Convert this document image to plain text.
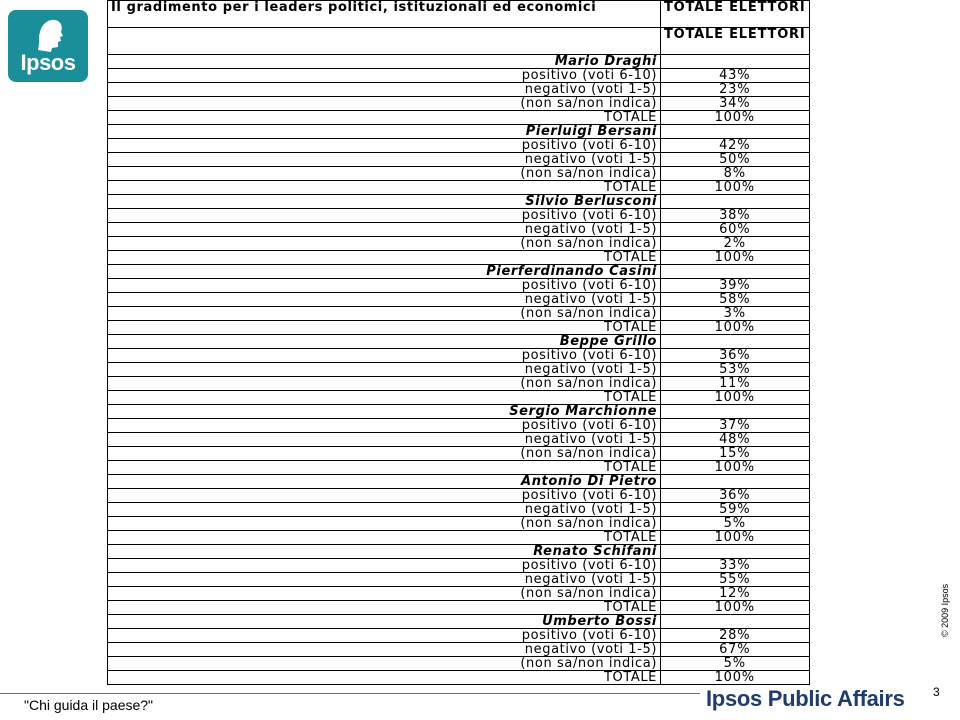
Ipsos
Il gradimento per i leaders politici, istituzionali ed economici	TOTALE ELETTORI
	TOTALE ELETTORI
Mario Draghi	
positivo (voti 6-10)	43%
negativo (voti 1-5)	23%
(non sa/non indica)	34%
TOTALE	100%
Pierluigi Bersani	
positivo (voti 6-10)	42%
negativo (voti 1-5)	50%
(non sa/non indica)	8%
TOTALE	100%
Silvio Berlusconi	
positivo (voti 6-10)	38%
negativo (voti 1-5)	60%
(non sa/non indica)	2%
TOTALE	100%
Pierferdinando Casini	
positivo (voti 6-10)	39%
negativo (voti 1-5)	58%
(non sa/non indica)	3%
TOTALE	100%
Beppe Grillo	
positivo (voti 6-10)	36%
negativo (voti 1-5)	53%
(non sa/non indica)	11%
TOTALE	100%
Sergio Marchionne	
positivo (voti 6-10)	37%
negativo (voti 1-5)	48%
(non sa/non indica)	15%
TOTALE	100%
Antonio Di Pietro	
positivo (voti 6-10)	36%
negativo (voti 1-5)	59%
(non sa/non indica)	5%
TOTALE	100%
Renato Schifani	
positivo (voti 6-10)	33%
negativo (voti 1-5)	55%
(non sa/non indica)	12%
TOTALE	100%
Umberto Bossi	
positivo (voti 6-10)	28%
negativo (voti 1-5)	67%
(non sa/non indica)	5%
TOTALE	100%
"Chi guida il paese?"	Ipsos Public Affairs 3
© 2009 Ipsos
